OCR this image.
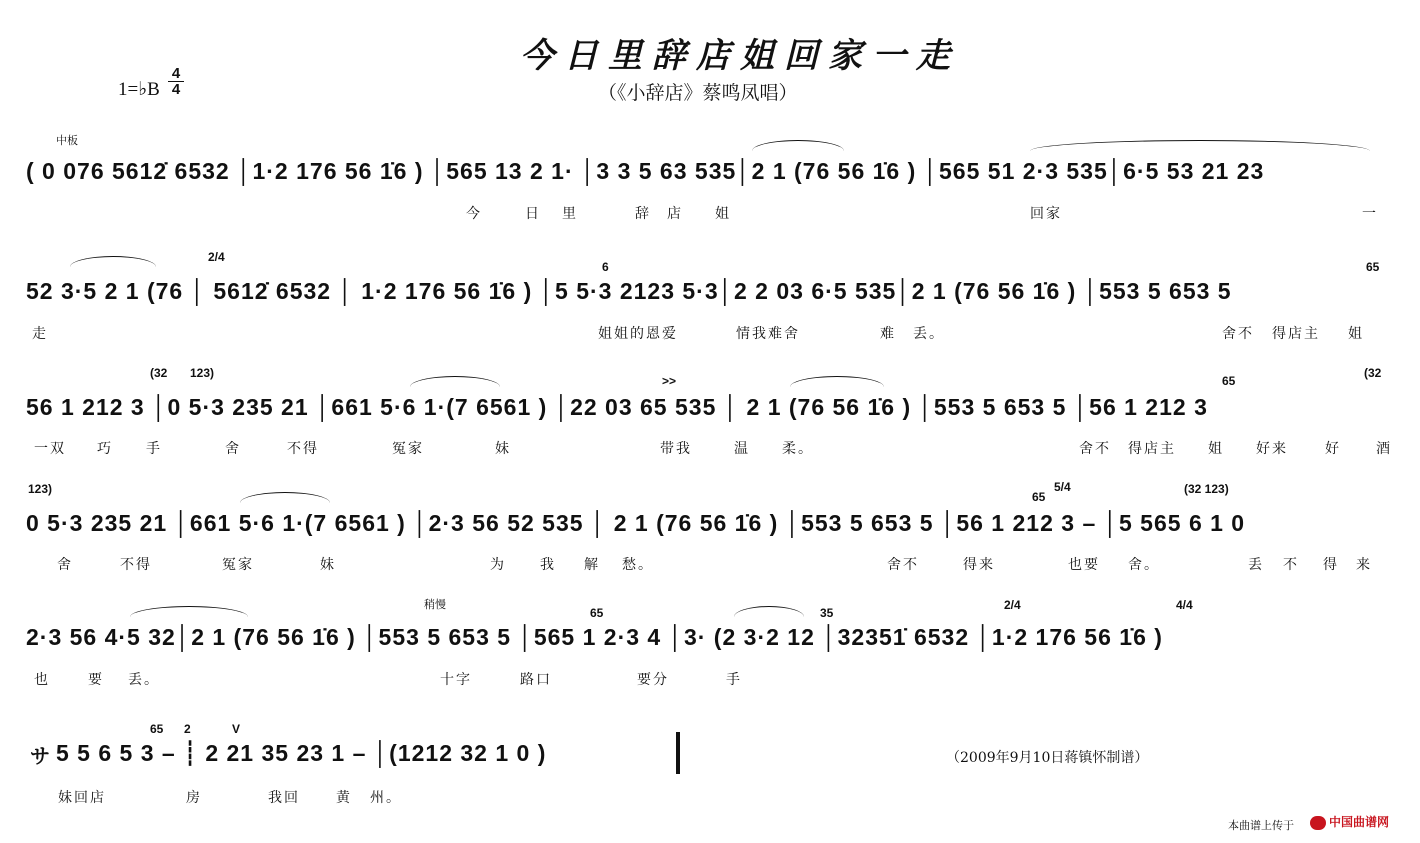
今日里辞店姐回家一走
（《小辞店》蔡鸣凤唱）
1=♭B $\frac{4}{4}$
中板
( 0 076 5612̇ 6532 │1·2 176 56 1̇6 ) │565 13 2 1· │3 3 5 63 535│2 1 (76 56 1̇6 ) │565 51 2·3 535│6·5 53 21 23
今	日 里	辞 店 姐	回家	一
2/4
6	65
52 3·5 2 1 (76 │ 5612̇ 6532 │ 1·2 176 56 1̇6 ) │5 5·3 2123 5·3│2 2 03 6·5 535│2 1 (76 56 1̇6 ) │553 5 653 5
走	姐姐的恩爱	情我难舍	难 丢。	舍不 得店主 姐
(32 123)
>>	65
(32
56 1 212 3 │0 5·3 235 21 │661 5·6 1·(7 6561 ) │22 03 65 535 │ 2 1 (76 56 1̇6 ) │553 5 653 5 │56 1 212 3
一双 巧 手	舍	不得	冤家	妹	带我	温 柔。	舍不 得店主 姐 好来	好	酒
123)
65
5/4	(32 123)
0 5·3 235 21 │661 5·6 1·(7 6561 ) │2·3 56 52 535 │ 2 1 (76 56 1̇6 ) │553 5 653 5 │56 1 212 3 – │5 565 6 1 0
舍	不得	冤家	妹	为 我 解 愁。	舍不	得来	也要 舍。	丢 不 得 来
稍慢
65	35
2/4	4/4
2·3 56 4·5 32│2 1 (76 56 1̇6 ) │553 5 653 5 │565 1 2·3 4 │3· (2 3·2 12 │32351̇ 6532 │1·2 176 56 1̇6 )
也	要 丢。	十字	路口	要分	手
サ
65 2	V
5 5 6 5 3 – ┊ 2 21 35 23 1 – │(1212 32 1 0 )
妹回店	房	我回	黄 州。
（2009年9月10日蒋镇怀制谱）
本曲谱上传于	中国曲谱网
